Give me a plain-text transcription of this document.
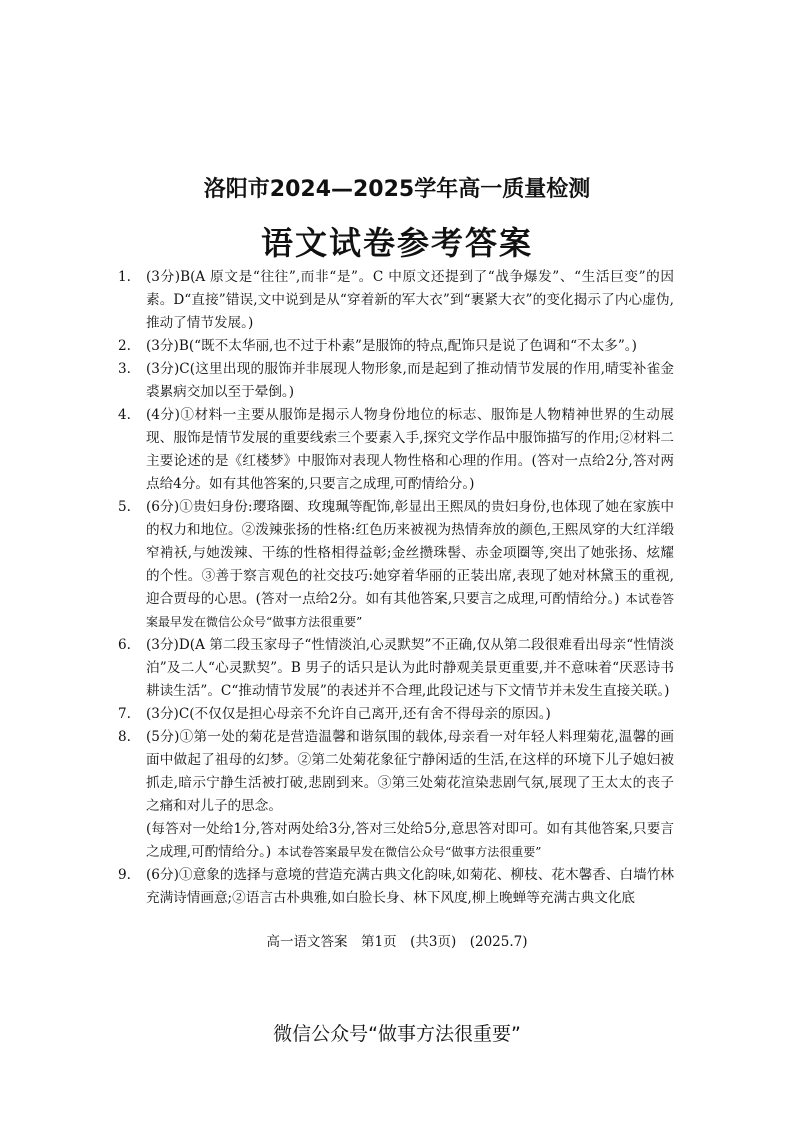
洛阳市2024—2025学年高一质量检测
语文试卷参考答案
1.	(3分)B(A 原文是“往往”,而非“是”。C 中原文还提到了“战争爆发”、“生活巨变”的因素。D“直接”错误,文中说到是从“穿着新的军大衣”到“裹紧大衣”的变化揭示了内心虚伪,推动了情节发展。)
2.	(3分)B(“既不太华丽,也不过于朴素”是服饰的特点,配饰只是说了色调和“不太多”。)
3.	(3分)C(这里出现的服饰并非展现人物形象,而是起到了推动情节发展的作用,晴雯补雀金裘累病交加以至于晕倒。)
4.	(4分)①材料一主要从服饰是揭示人物身份地位的标志、服饰是人物精神世界的生动展现、服饰是情节发展的重要线索三个要素入手,探究文学作品中服饰描写的作用;②材料二主要论述的是《红楼梦》中服饰对表现人物性格和心理的作用。(答对一点给2分,答对两点给4分。如有其他答案的,只要言之成理,可酌情给分。)
5.	(6分)①贵妇身份:璎珞圈、玫瑰珮等配饰,彰显出王熙凤的贵妇身份,也体现了她在家族中的权力和地位。②泼辣张扬的性格:红色历来被视为热情奔放的颜色,王熙凤穿的大红洋缎窄褃袄,与她泼辣、干练的性格相得益彰;金丝攒珠髻、赤金项圈等,突出了她张扬、炫耀的个性。③善于察言观色的社交技巧:她穿着华丽的正装出席,表现了她对林黛玉的重视,迎合贾母的心思。(答对一点给2分。如有其他答案,只要言之成理,可酌情给分。) 本试卷答案最早发在微信公众号“做事方法很重要”
6.	(3分)D(A 第二段玉家母子“性情淡泊,心灵默契”不正确,仅从第二段很难看出母亲“性情淡泊”及二人“心灵默契”。B 男子的话只是认为此时静观美景更重要,并不意味着“厌恶诗书耕读生活”。C“推动情节发展”的表述并不合理,此段记述与下文情节并未发生直接关联。)
7.	(3分)C(不仅仅是担心母亲不允许自己离开,还有舍不得母亲的原因。)
8.	(5分)①第一处的菊花是营造温馨和谐氛围的载体,母亲看一对年轻人料理菊花,温馨的画面中做起了祖母的幻梦。②第二处菊花象征宁静闲适的生活,在这样的环境下儿子媳妇被抓走,暗示宁静生活被打破,悲剧到来。③第三处菊花渲染悲剧气氛,展现了王太太的丧子之痛和对儿子的思念。
(每答对一处给1分,答对两处给3分,答对三处给5分,意思答对即可。如有其他答案,只要言之成理,可酌情给分。) 本试卷答案最早发在微信公众号“做事方法很重要”
9.	(6分)①意象的选择与意境的营造充满古典文化韵味,如菊花、柳枝、花木馨香、白墙竹林充满诗情画意;②语言古朴典雅,如白脸长身、林下风度,柳上晚蝉等充满古典文化底
高一语文答案　第1页　(共3页)　(2025.7)
微信公众号“做事方法很重要”
